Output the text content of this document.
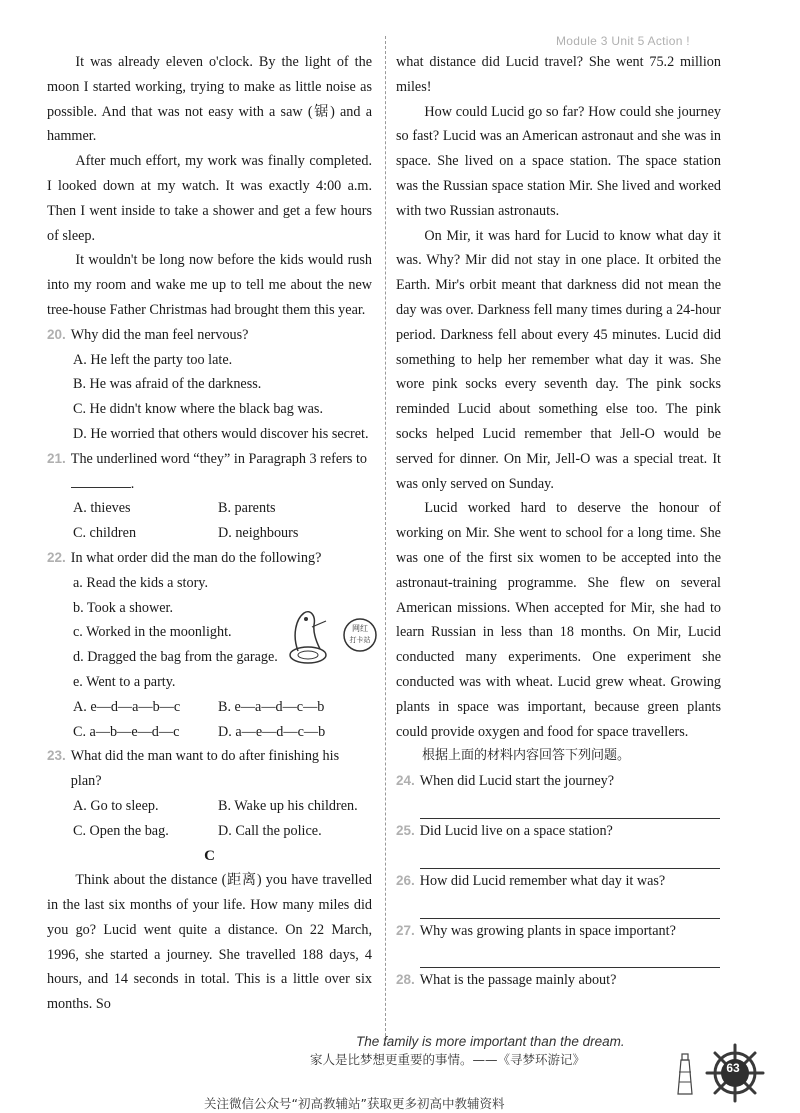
Module 3 Unit 5 Action !

It was already eleven o'clock. By the light of the moon I started working, trying to make as little noise as possible. And that was not easy with a saw (锯) and a hammer.

After much effort, my work was finally completed. I looked down at my watch. It was exactly 4:00 a.m. Then I went inside to take a shower and get a few hours of sleep.

It wouldn't be long now before the kids would rush into my room and wake me up to tell me about the new tree-house Father Christmas had brought them this year.

20. Why did the man feel nervous?
A. He left the party too late.
B. He was afraid of the darkness.
C. He didn't know where the black bag was.
D. He worried that others would discover his secret.
21. The underlined word “they” in Paragraph 3 refers to .
A. thieves	B. parents
C. children	D. neighbours
22. In what order did the man do the following?
a. Read the kids a story.
b. Took a shower.
c. Worked in the moonlight.
d. Dragged the bag from the garage.
e. Went to a party.
A. e—d—a—b—c	B. e—a—d—c—b
C. a—b—e—d—c	D. a—e—d—c—b
23. What did the man want to do after finishing his plan?
A. Go to sleep.	B. Wake up his children.
C. Open the bag.	D. Call the police.
C

Think about the distance (距离) you have travelled in the last six months of your life. How many miles did you go? Lucid went quite a distance. On 22 March, 1996, she started a journey. She travelled 188 days, 4 hours, and 14 seconds in total. This is a little over six months. So

网红
打卡站

what distance did Lucid travel? She went 75.2 million miles!

How could Lucid go so far? How could she journey so fast? Lucid was an American astronaut and she was in space. She lived on a space station. The space station was the Russian space station Mir. She lived and worked with two Russian astronauts.

On Mir, it was hard for Lucid to know what day it was. Why? Mir did not stay in one place. It orbited the Earth. Mir's orbit meant that darkness did not mean the day was over. Darkness fell many times during a 24-hour period. Darkness fell about every 45 minutes. Lucid did something to help her remember what day it was. She wore pink socks every seventh day. The pink socks reminded Lucid about something else too. The pink socks helped Lucid remember that Jell-O would be served for dinner. On Mir, Jell-O was a special treat. It was only served on Sunday.

Lucid worked hard to deserve the honour of working on Mir. She went to school for a long time. She was one of the first six women to be accepted into the astronaut-training programme. She flew on several American missions. When accepted for Mir, she had to learn Russian in less than 18 months. On Mir, Lucid conducted many experiments. One experiment she conducted was with wheat. Lucid grew wheat. Growing plants in space was important, because green plants could provide oxygen and food for space travellers.

根据上面的材料内容回答下列问题。

24. When did Lucid start the journey?
25. Did Lucid live on a space station?
26. How did Lucid remember what day it was?
27. Why was growing plants in space important?
28. What is the passage mainly about?
The family is more important than the dream.
家人是比梦想更重要的事情。——《寻梦环游记》
关注微信公众号“初高教辅站”获取更多初高中教辅资料
63
